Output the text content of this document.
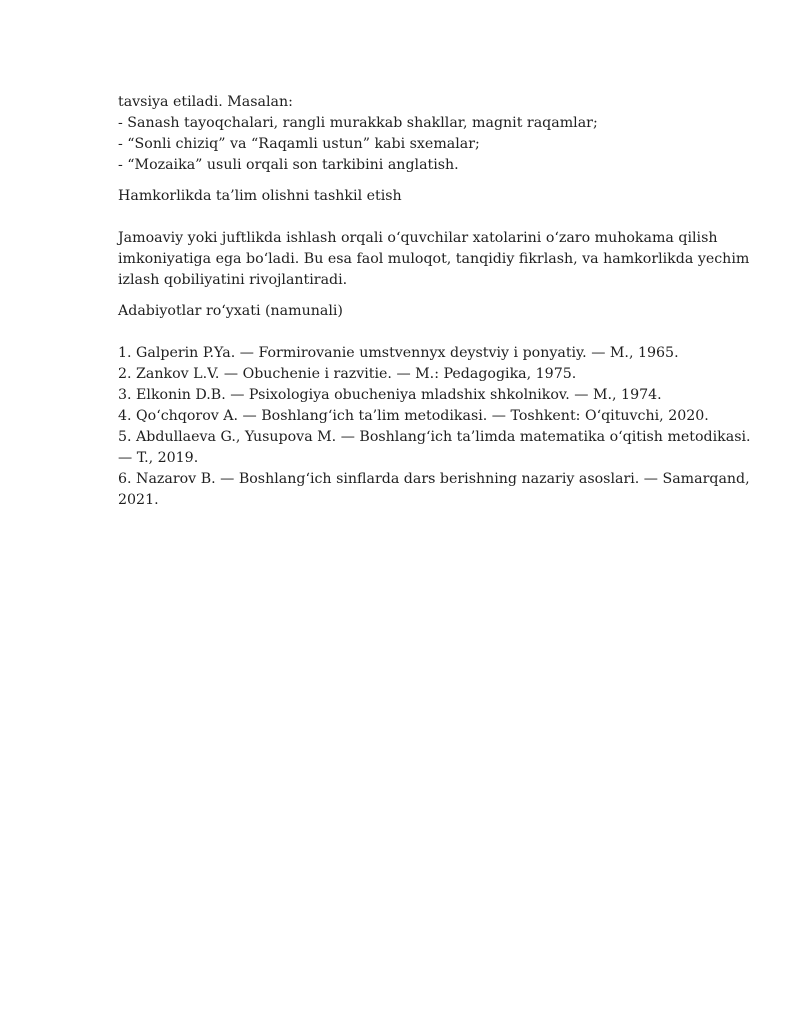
tavsiya etiladi. Masalan:
- Sanash tayoqchalari, rangli murakkab shakllar, magnit raqamlar;
- “Sonli chiziq” va “Raqamli ustun” kabi sxemalar;
- “Mozaika” usuli orqali son tarkibini anglatish.
Hamkorlikda ta’lim olishni tashkil etish
Jamoaviy yoki juftlikda ishlash orqali o‘quvchilar xatolarini o‘zaro muhokama qilish
imkoniyatiga ega bo‘ladi. Bu esa faol muloqot, tanqidiy fikrlash, va hamkorlikda yechim
izlash qobiliyatini rivojlantiradi.
Adabiyotlar ro‘yxati (namunali)
1. Galperin P.Ya. — Formirovanie umstvennyx deystviy i ponyatiy. — M., 1965.
2. Zankov L.V. — Obuchenie i razvitie. — M.: Pedagogika, 1975.
3. Elkonin D.B. — Psixologiya obucheniya mladshix shkolnikov. — M., 1974.
4. Qo‘chqorov A. — Boshlang‘ich ta’lim metodikasi. — Toshkent: O‘qituvchi, 2020.
5. Abdullaeva G., Yusupova M. — Boshlang‘ich ta’limda matematika o‘qitish metodikasi.
— T., 2019.
6. Nazarov B. — Boshlang‘ich sinflarda dars berishning nazariy asoslari. — Samarqand,
2021.
